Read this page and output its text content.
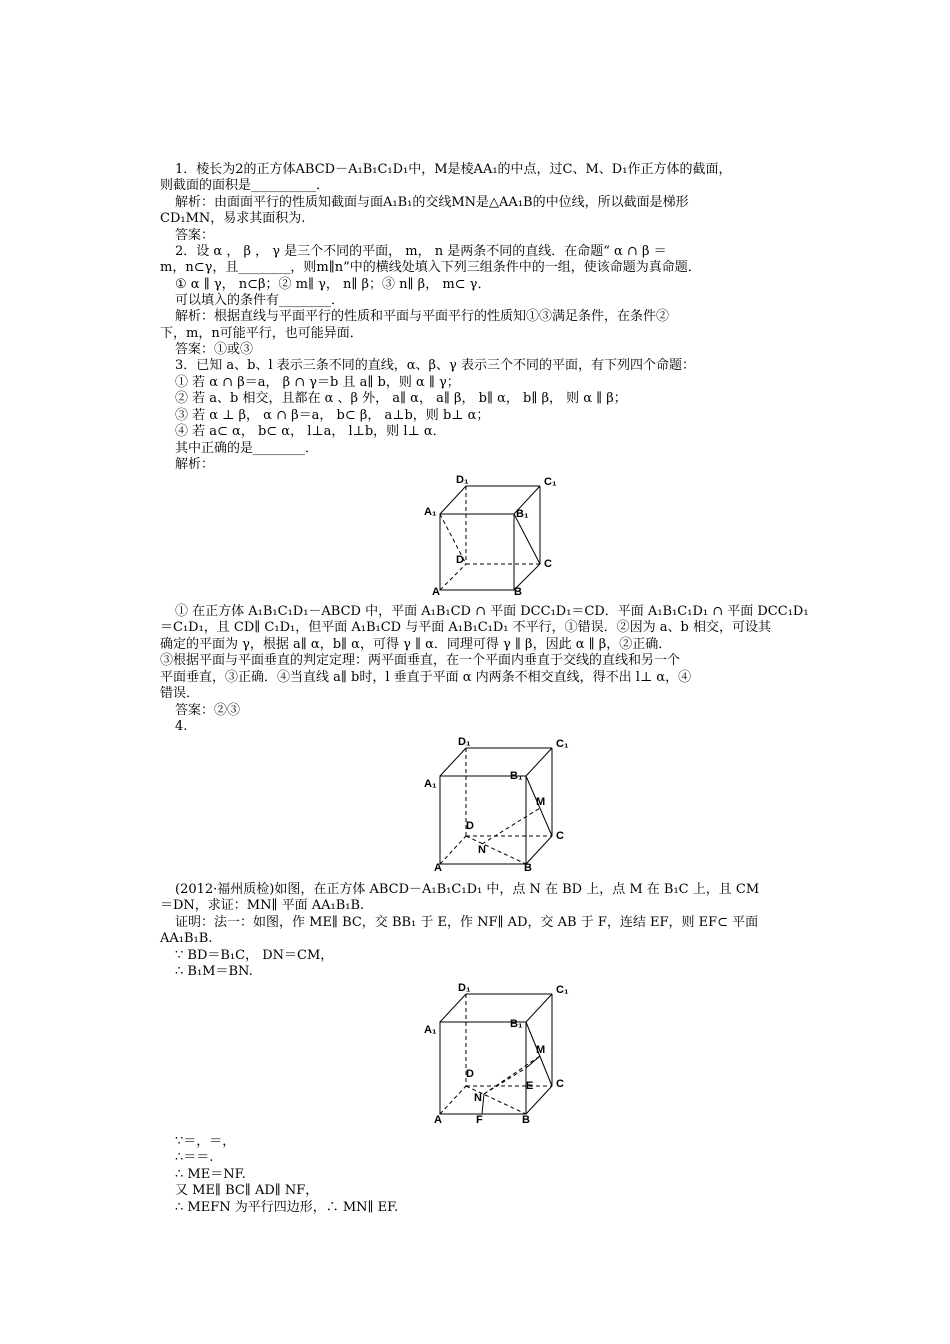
1．棱长为2的正方体ABCD－A₁B₁C₁D₁中，M是棱AA₁的中点，过C、M、D₁作正方体的截面，
则截面的面积是__________．
解析：由面面平行的性质知截面与面A₁B₁的交线MN是△AA₁B的中位线，所以截面是梯形
CD₁MN，易求其面积为.
答案：
2．设 α ， β ， γ 是三个不同的平面， m， n 是两条不同的直线．在命题“ α ∩ β ＝
m，n⊂γ，且________，则m∥n”中的横线处填入下列三组条件中的一组，使该命题为真命题．
① α ∥ γ， n⊂β；② m∥ γ， n∥ β；③ n∥ β， m⊂ γ．
可以填入的条件有________．
解析：根据直线与平面平行的性质和平面与平面平行的性质知①③满足条件，在条件②
下，m，n可能平行，也可能异面．
答案：①或③
3．已知 a、b、l 表示三条不同的直线，α、β、γ 表示三个不同的平面，有下列四个命题：
① 若 α ∩ β＝a， β ∩ γ＝b 且 a∥ b，则 α ∥ γ；
② 若 a、b 相交，且都在 α 、β 外， a∥ α， a∥ β， b∥ α， b∥ β， 则 α ∥ β；
③ 若 α ⊥ β， α ∩ β＝a， b⊂ β， a⊥b，则 b⊥ α；
④ 若 a⊂ α， b⊂ α， l⊥a， l⊥b，则 l⊥ α．
其中正确的是________．
解析：
D₁	C₁
A₁	B₁
D	C
A	B
① 在正方体 A₁B₁C₁D₁－ABCD 中，平面 A₁B₁CD ∩ 平面 DCC₁D₁＝CD．平面 A₁B₁C₁D₁ ∩ 平面 DCC₁D₁
＝C₁D₁，且 CD∥ C₁D₁，但平面 A₁B₁CD 与平面 A₁B₁C₁D₁ 不平行，①错误．②因为 a、b 相交，可设其
确定的平面为 γ，根据 a∥ α，b∥ α，可得 γ ∥ α．同理可得 γ ∥ β，因此 α ∥ β，②正确．
③根据平面与平面垂直的判定定理：两平面垂直，在一个平面内垂直于交线的直线和另一个
平面垂直，③正确．④当直线 a∥ b时，l 垂直于平面 α 内两条不相交直线，得不出 l⊥ α，④
错误．
答案：②③
4.
D₁	C₁
A₁
B₁
M
D
C
N
A	B
(2012·福州质检)如图，在正方体 ABCD－A₁B₁C₁D₁ 中，点 N 在 BD 上，点 M 在 B₁C 上，且 CM
＝DN，求证：MN∥ 平面 AA₁B₁B.
证明：法一：如图，作 ME∥ BC，交 BB₁ 于 E，作 NF∥ AD，交 AB 于 F，连结 EF，则 EF⊂ 平面
AA₁B₁B.
∵ BD＝B₁C， DN＝CM，
∴ B₁M＝BN.
D₁	C₁
A₁	B₁
M
D
C
E
N
A	F	B
∵＝，＝，
∴＝＝.
∴ ME＝NF.
又 ME∥ BC∥ AD∥ NF，
∴ MEFN 为平行四边形，∴ MN∥ EF.
